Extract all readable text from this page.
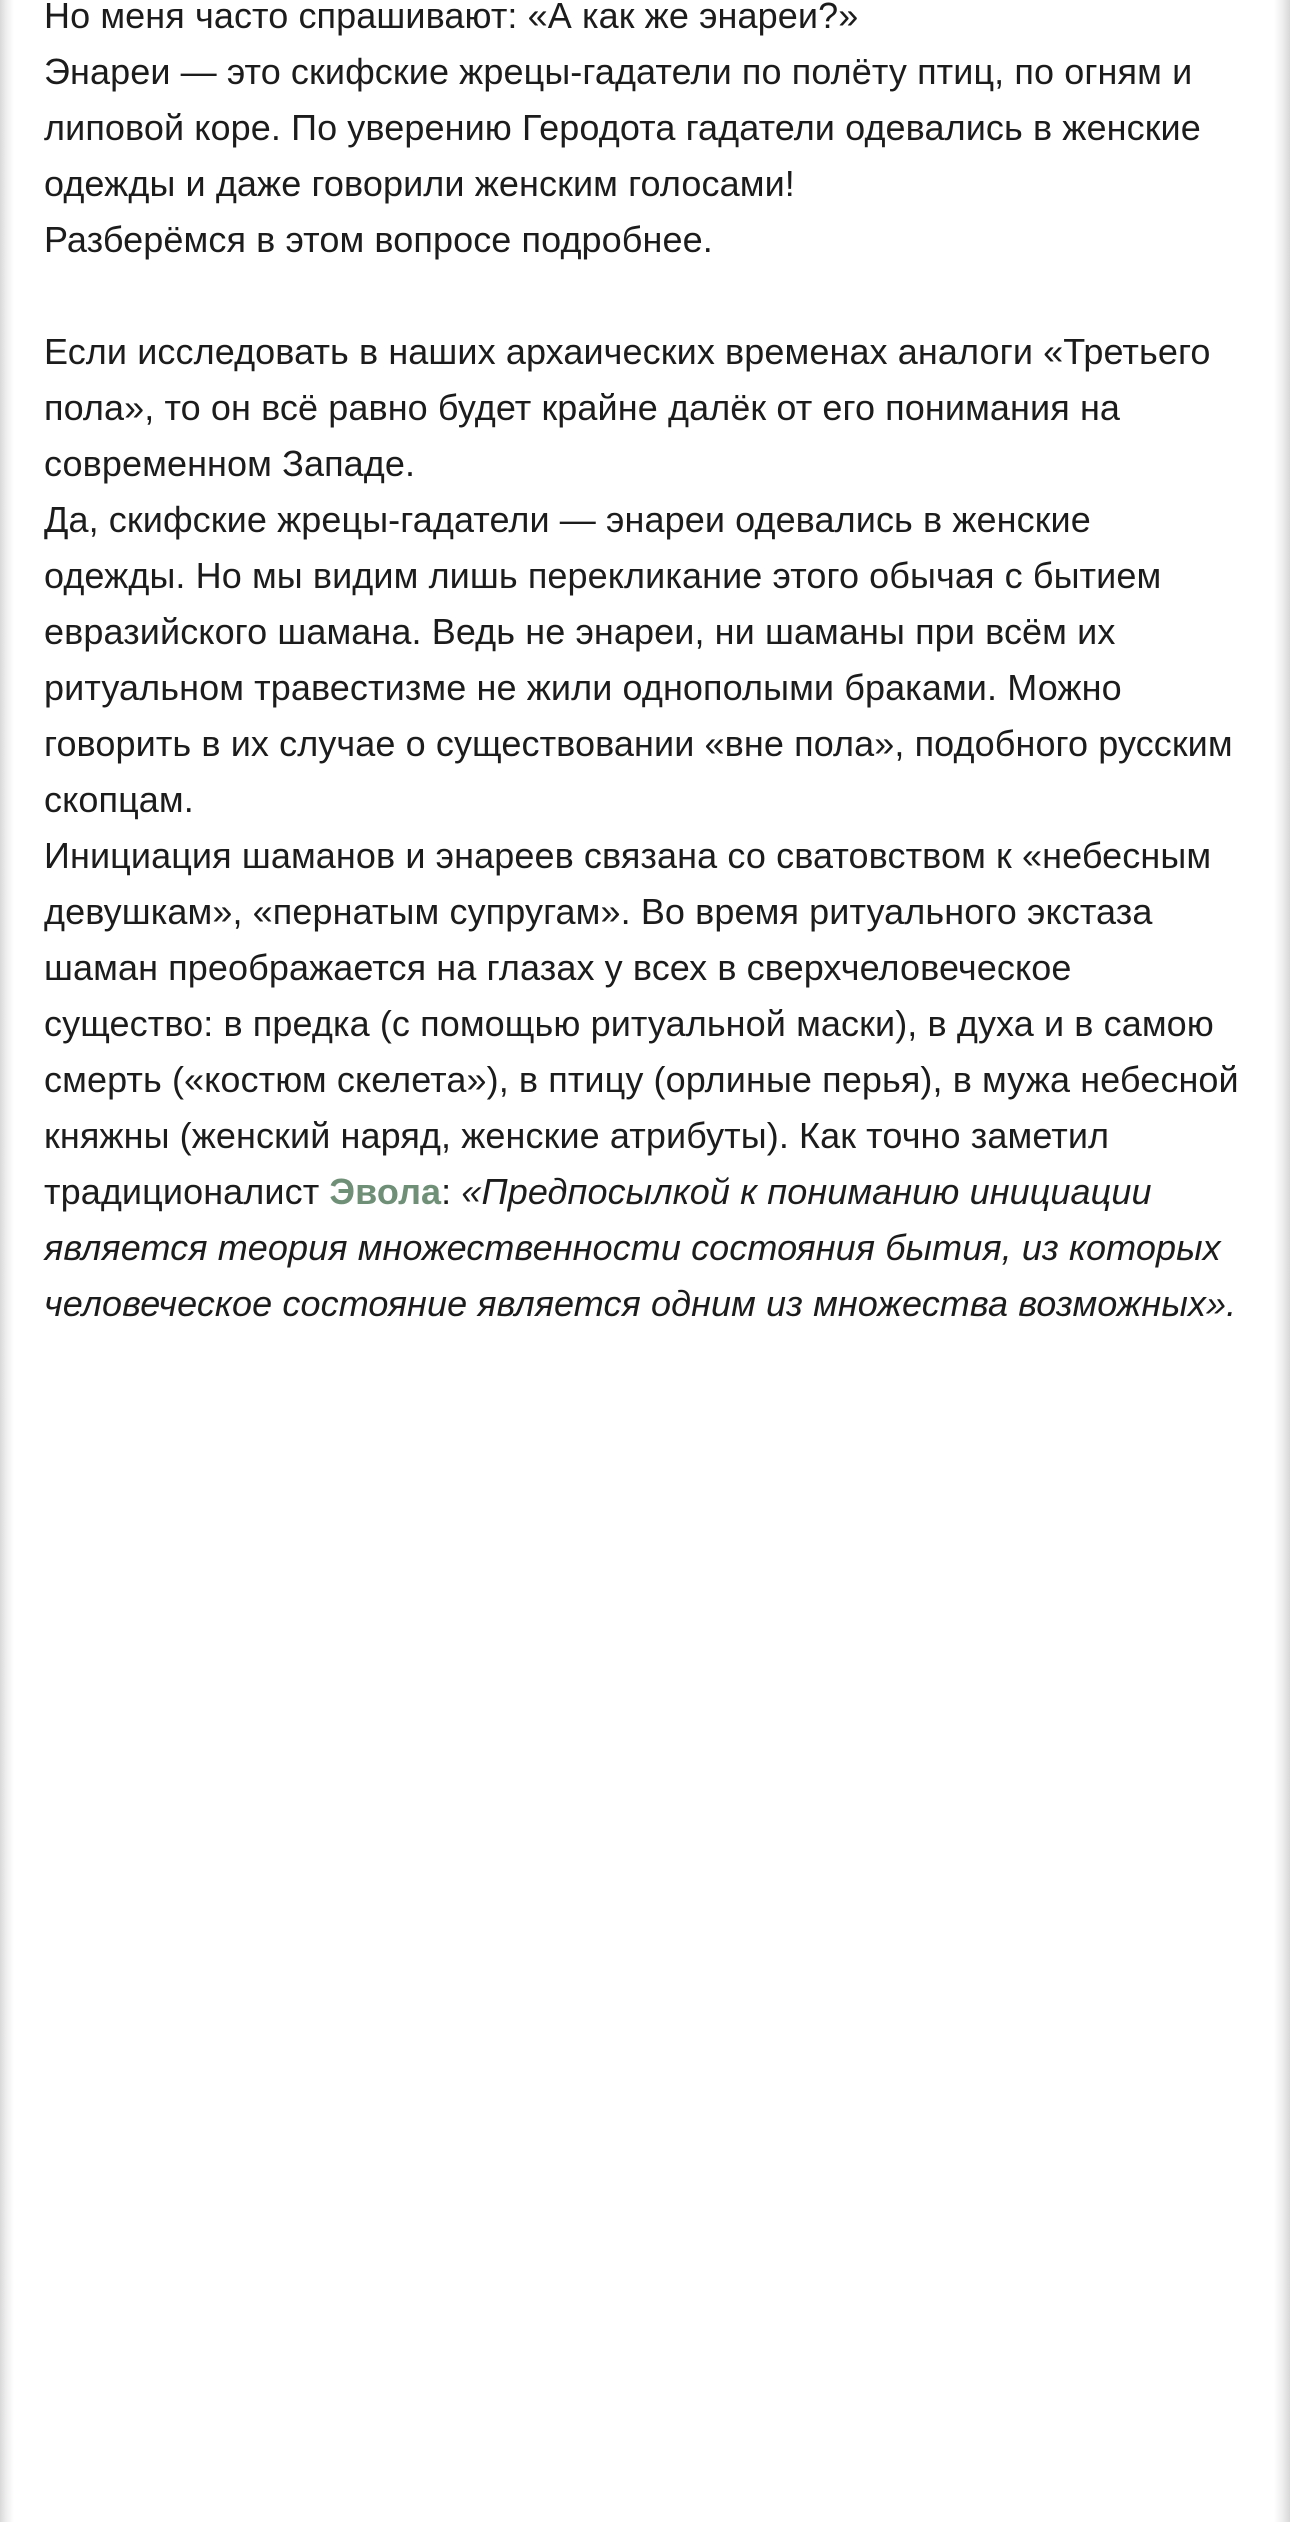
Но меня часто спрашивают: «А как же энареи?»

Энареи — это скифские жрецы-гадатели по полёту птиц, по огням и липовой коре. По уверению Геродота гадатели одевались в женские одежды и даже говорили женским голосами!

Разберёмся в этом вопросе подробнее.

Если исследовать в наших архаических временах аналоги «Третьего пола», то он всё равно будет крайне далёк от его понимания на современном Западе.

Да, скифские жрецы-гадатели — энареи одевались в женские одежды. Но мы видим лишь перекликание этого обычая с бытием евразийского шамана. Ведь не энареи, ни шаманы при всём их ритуальном травестизме не жили однополыми браками. Можно говорить в их случае о существовании «вне пола», подобного русским скопцам.

Инициация шаманов и энареев связана со сватовством к «небесным девушкам», «пернатым супругам». Во время ритуального экстаза шаман преображается на глазах у всех в сверхчеловеческое существо: в предка (с помощью ритуальной маски), в духа и в самою смерть («костюм скелета»), в птицу (орлиные перья), в мужа небесной княжны (женский наряд, женские атрибуты). Как точно заметил традиционалист Эвола: «Предпосылкой к пониманию инициации является теория множественности состояния бытия, из которых человеческое состояние является одним из множества возможных».
